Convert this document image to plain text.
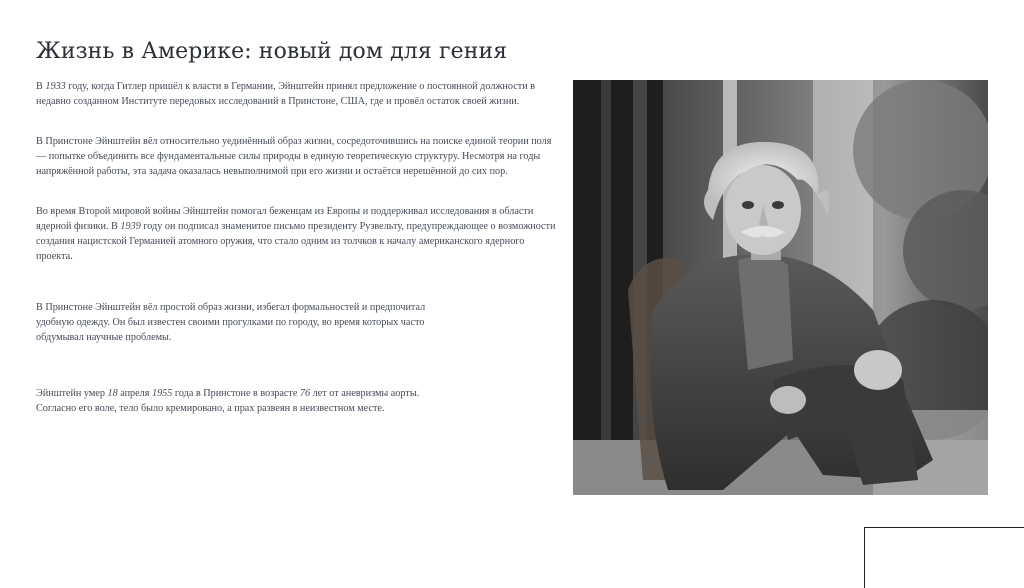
Жизнь в Америке: новый дом для гения

В 1933 году, когда Гитлер пришёл к власти в Германии, Эйнштейн принял предложение о постоянной должности в недавно созданном Институте передовых исследований в Принстоне, США, где и провёл остаток своей жизни.

В Принстоне Эйнштейн вёл относительно уединённый образ жизни, сосредоточившись на поиске единой теории поля — попытке объединить все фундаментальные силы природы в единую теоретическую структуру. Несмотря на годы напряжённой работы, эта задача оказалась невыполнимой при его жизни и остаётся нерешённой до сих пор.

Во время Второй мировой войны Эйнштейн помогал беженцам из Европы и поддерживал исследования в области ядерной физики. В 1939 году он подписал знаменитое письмо президенту Рузвельту, предупреждающее о возможности создания нацистской Германией атомного оружия, что стало одним из толчков к началу американского ядерного проекта.

В Принстоне Эйнштейн вёл простой образ жизни, избегал формальностей и предпочитал удобную одежду. Он был известен своими прогулками по городу, во время которых часто обдумывал научные проблемы.

Эйнштейн умер 18 апреля 1955 года в Принстоне в возрасте 76 лет от аневризмы аорты. Согласно его воле, тело было кремировано, а прах развеян в неизвестном месте.
